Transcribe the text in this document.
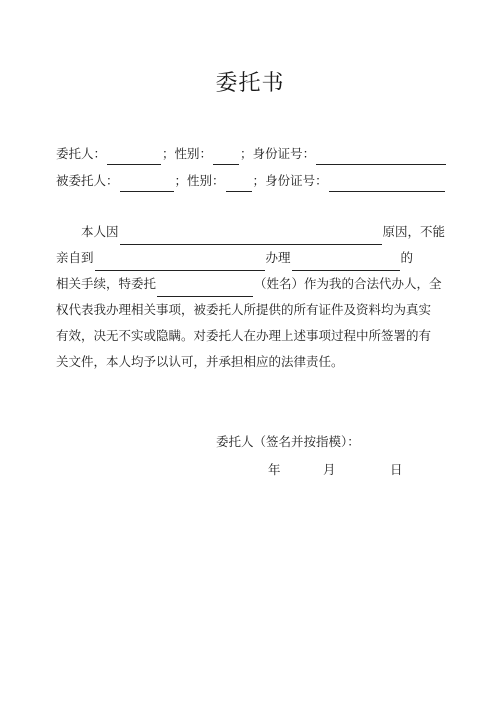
委托书
委托人：	； 性别： ； 身份证号：
被委托人：	； 性别： ； 身份证号：
本人因	原因，不能
亲自到	办理	的
相关手续，特委托	（姓名）作为我的合法代办人，全
权代表我办理相关事项，被委托人所提供的所有证件及资料均为真实
有效，决无不实或隐瞒。对委托人在办理上述事项过程中所签署的有
关文件，本人均予以认可，并承担相应的法律责任。
委托人（签名并按指模）：
年	月	日
